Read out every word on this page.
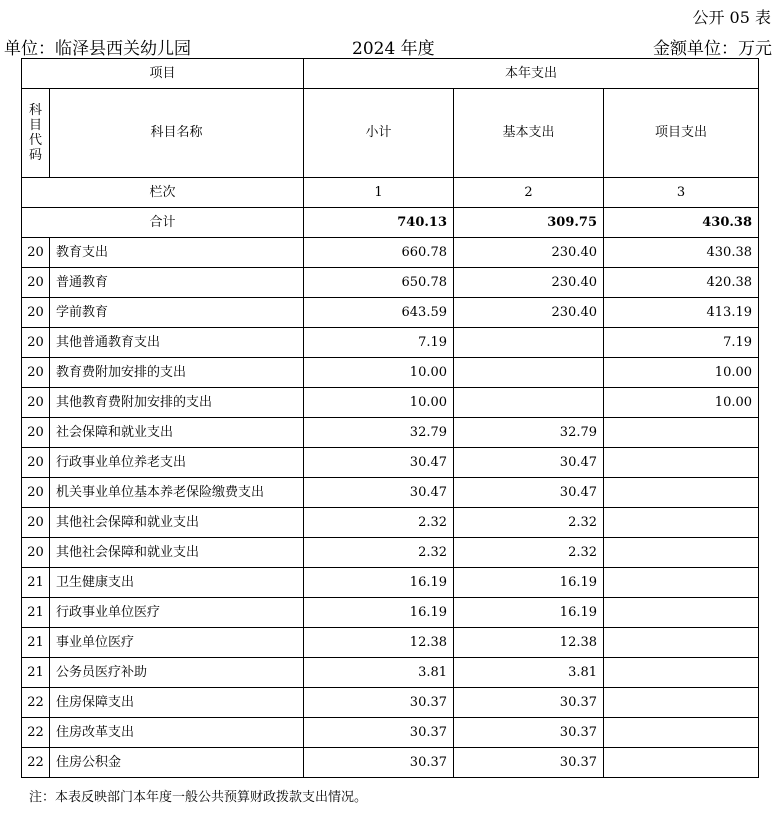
公开 05 表
单位：临泽县西关幼儿园	2024 年度	金额单位：万元
项目		本年支出		

科
目
代
码	科目名称	小计	基本支出	项目支出
栏次		1	2	3
合计		740.13	309.75	430.38
20	教育支出	660.78	230.40	430.38
20	普通教育	650.78	230.40	420.38
20	学前教育	643.59	230.40	413.19
20	其他普通教育支出	7.19		7.19
20	教育费附加安排的支出	10.00		10.00
20	其他教育费附加安排的支出	10.00		10.00
20	社会保障和就业支出	32.79	32.79	
20	行政事业单位养老支出	30.47	30.47	
20	机关事业单位基本养老保险缴费支出	30.47	30.47	
20	其他社会保障和就业支出	2.32	2.32	
20	其他社会保障和就业支出	2.32	2.32	
21	卫生健康支出	16.19	16.19	
21	行政事业单位医疗	16.19	16.19	
21	事业单位医疗	12.38	12.38	
21	公务员医疗补助	3.81	3.81	
22	住房保障支出	30.37	30.37	
22	住房改革支出	30.37	30.37	
22	住房公积金	30.37	30.37	
注：本表反映部门本年度一般公共预算财政拨款支出情况。
